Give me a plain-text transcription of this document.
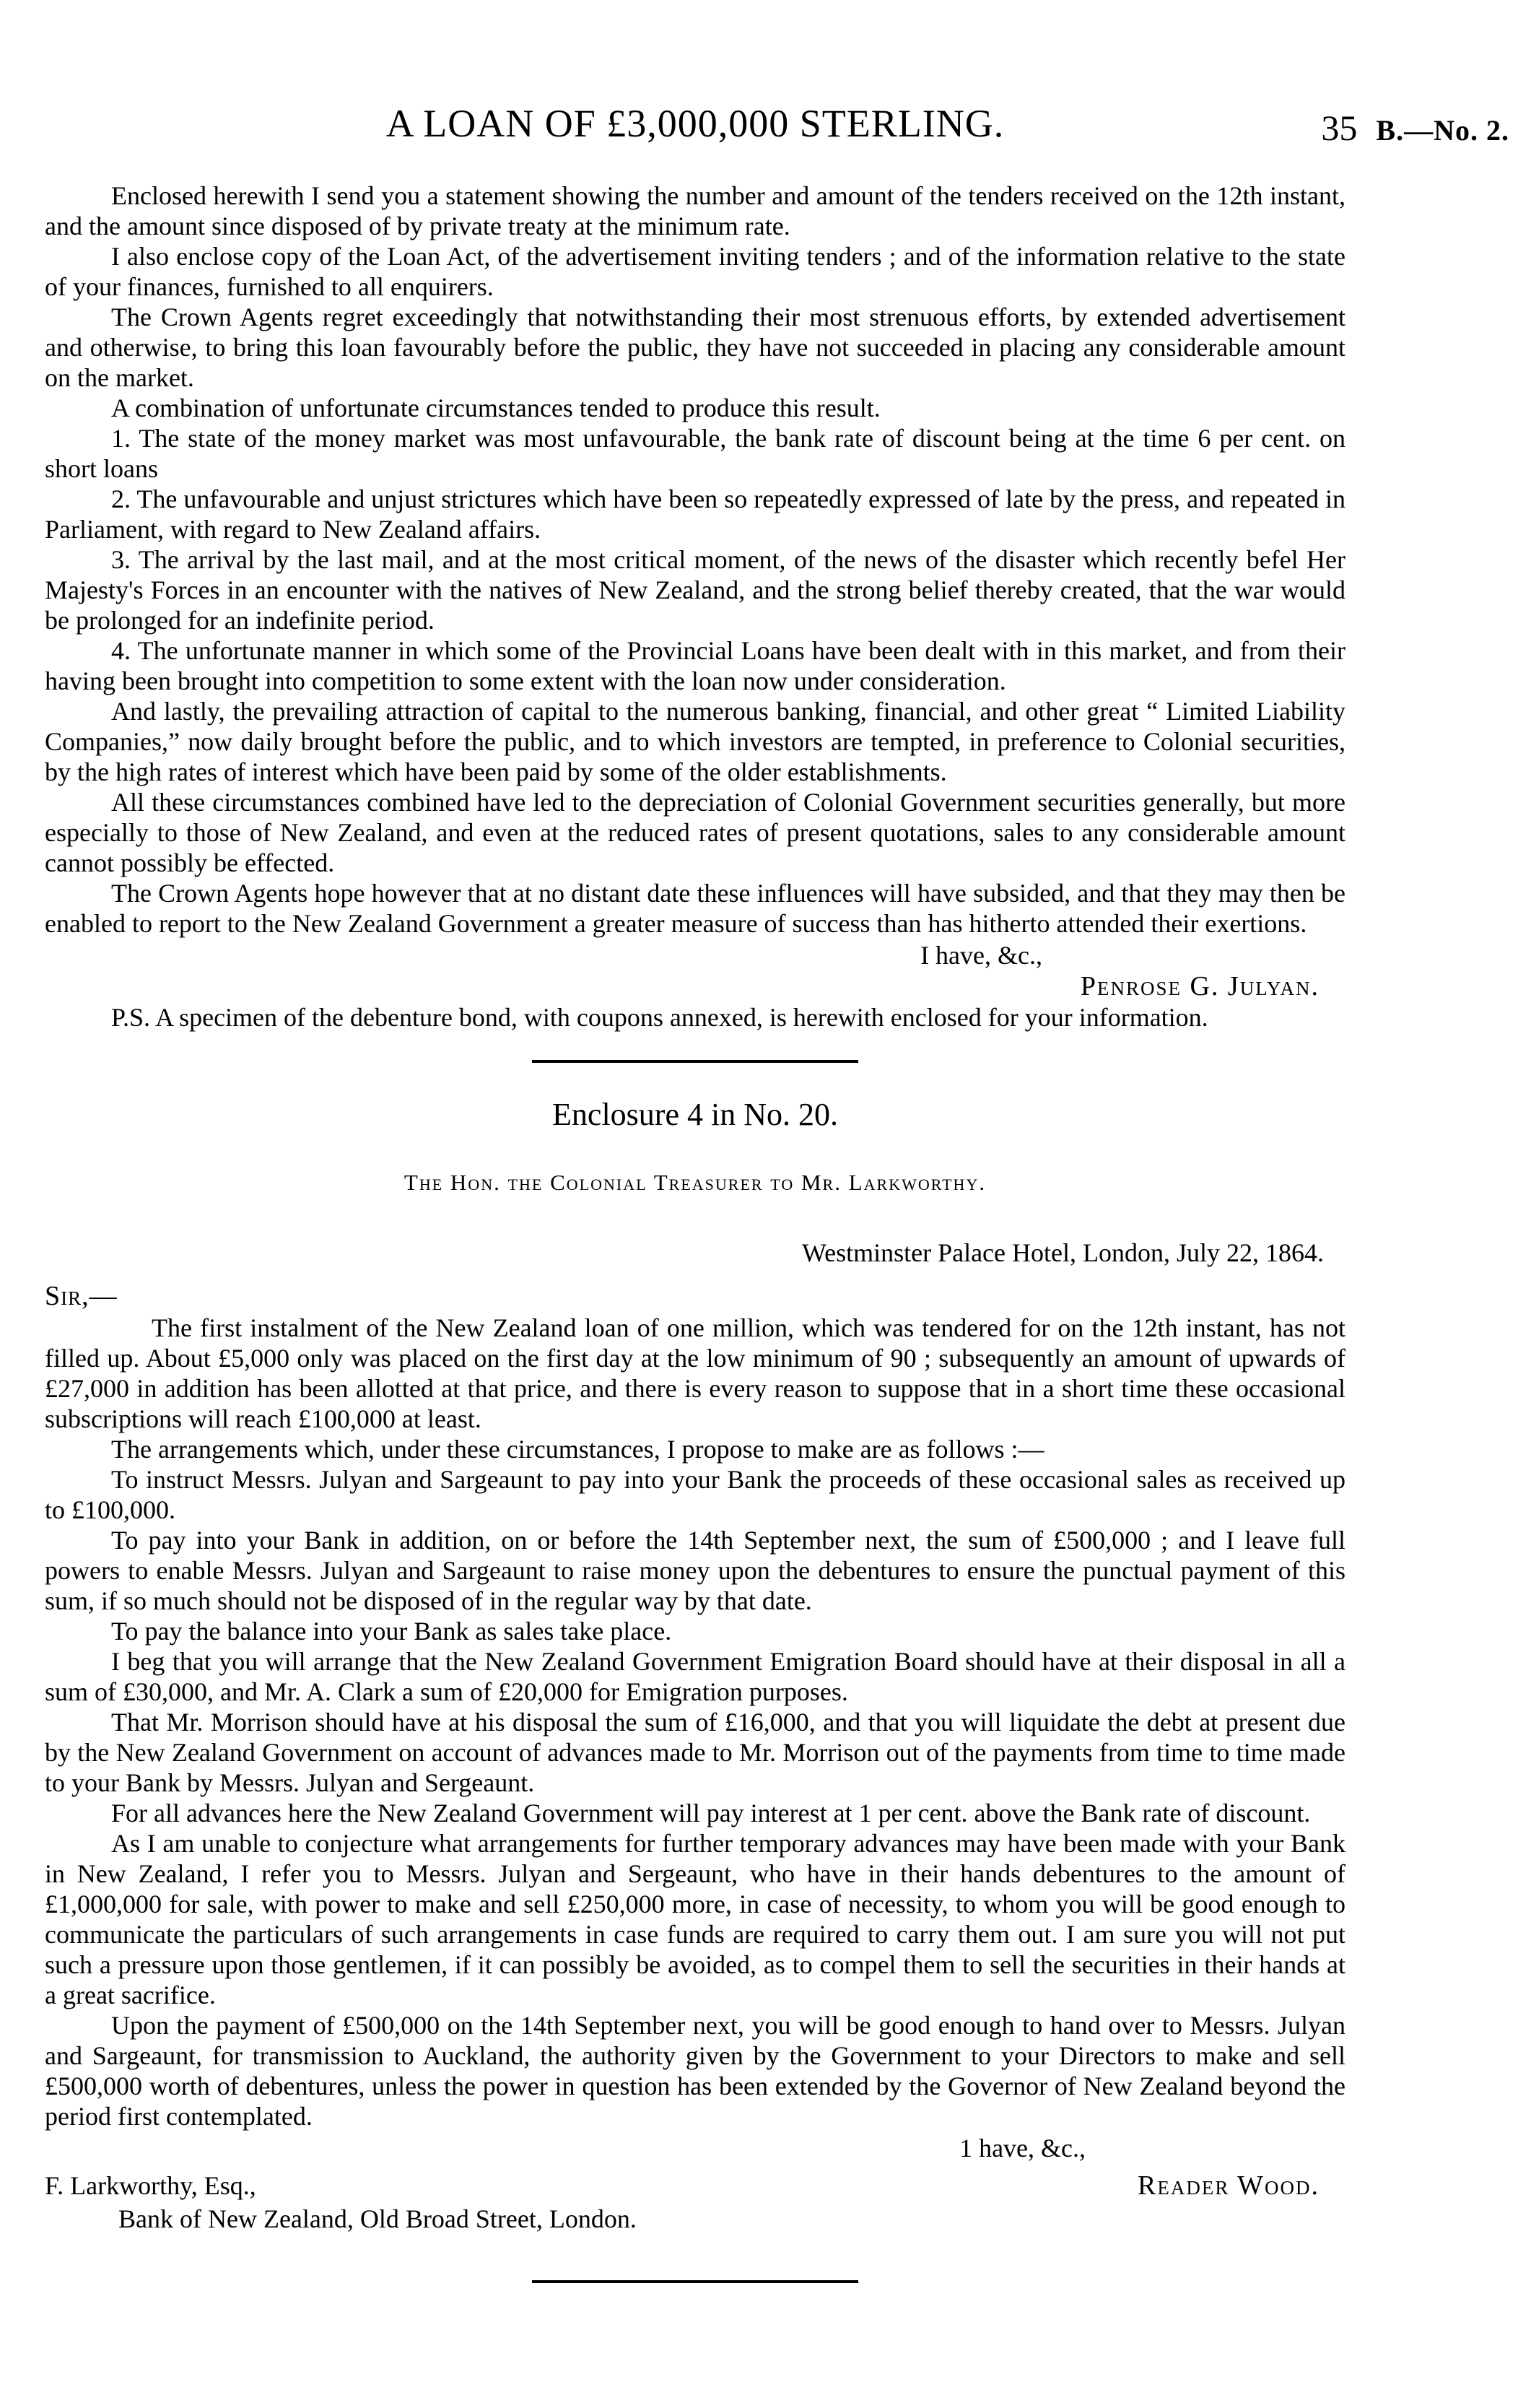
35 B.—No. 2.
A LOAN OF £3,000,000 STERLING.

Enclosed herewith I send you a statement showing the number and amount of the tenders received on the 12th instant, and the amount since disposed of by private treaty at the minimum rate.

I also enclose copy of the Loan Act, of the advertisement inviting tenders ; and of the information relative to the state of your finances, furnished to all enquirers.

The Crown Agents regret exceedingly that notwithstanding their most strenuous efforts, by extended advertisement and otherwise, to bring this loan favourably before the public, they have not succeeded in placing any considerable amount on the market.

A combination of unfortunate circumstances tended to produce this result.

1. The state of the money market was most unfavourable, the bank rate of discount being at the time 6 per cent. on short loans

2. The unfavourable and unjust strictures which have been so repeatedly expressed of late by the press, and repeated in Parliament, with regard to New Zealand affairs.

3. The arrival by the last mail, and at the most critical moment, of the news of the disaster which recently befel Her Majesty's Forces in an encounter with the natives of New Zealand, and the strong belief thereby created, that the war would be prolonged for an indefinite period.

4. The unfortunate manner in which some of the Provincial Loans have been dealt with in this market, and from their having been brought into competition to some extent with the loan now under consideration.

And lastly, the prevailing attraction of capital to the numerous banking, financial, and other great “ Limited Liability Companies,” now daily brought before the public, and to which investors are tempted, in preference to Colonial securities, by the high rates of interest which have been paid by some of the older establishments.

All these circumstances combined have led to the depreciation of Colonial Government securities generally, but more especially to those of New Zealand, and even at the reduced rates of present quotations, sales to any considerable amount cannot possibly be effected.

The Crown Agents hope however that at no distant date these influences will have subsided, and that they may then be enabled to report to the New Zealand Government a greater measure of success than has hitherto attended their exertions.

I have, &c.,
Penrose G. Julyan.

P.S. A specimen of the debenture bond, with coupons annexed, is herewith enclosed for your information.

Enclosure 4 in No. 20.
The Hon. the Colonial Treasurer to Mr. Larkworthy.
Westminster Palace Hotel, London, July 22, 1864.
Sir,—

The first instalment of the New Zealand loan of one million, which was tendered for on the 12th instant, has not filled up. About £5,000 only was placed on the first day at the low minimum of 90 ; subsequently an amount of upwards of £27,000 in addition has been allotted at that price, and there is every reason to suppose that in a short time these occasional subscriptions will reach £100,000 at least.

The arrangements which, under these circumstances, I propose to make are as follows :—

To instruct Messrs. Julyan and Sargeaunt to pay into your Bank the proceeds of these occasional sales as received up to £100,000.

To pay into your Bank in addition, on or before the 14th September next, the sum of £500,000 ; and I leave full powers to enable Messrs. Julyan and Sargeaunt to raise money upon the debentures to ensure the punctual payment of this sum, if so much should not be disposed of in the regular way by that date.

To pay the balance into your Bank as sales take place.

I beg that you will arrange that the New Zealand Government Emigration Board should have at their disposal in all a sum of £30,000, and Mr. A. Clark a sum of £20,000 for Emigration purposes.

That Mr. Morrison should have at his disposal the sum of £16,000, and that you will liquidate the debt at present due by the New Zealand Government on account of advances made to Mr. Morrison out of the payments from time to time made to your Bank by Messrs. Julyan and Sergeaunt.

For all advances here the New Zealand Government will pay interest at 1 per cent. above the Bank rate of discount.

As I am unable to conjecture what arrangements for further temporary advances may have been made with your Bank in New Zealand, I refer you to Messrs. Julyan and Sergeaunt, who have in their hands debentures to the amount of £1,000,000 for sale, with power to make and sell £250,000 more, in case of necessity, to whom you will be good enough to communicate the particulars of such arrangements in case funds are required to carry them out. I am sure you will not put such a pressure upon those gentlemen, if it can possibly be avoided, as to compel them to sell the securities in their hands at a great sacrifice.

Upon the payment of £500,000 on the 14th September next, you will be good enough to hand over to Messrs. Julyan and Sargeaunt, for transmission to Auckland, the authority given by the Government to your Directors to make and sell £500,000 worth of debentures, unless the power in question has been extended by the Governor of New Zealand beyond the period first contemplated.

1 have, &c.,
F. Larkworthy, Esq.,	Reader Wood.
Bank of New Zealand, Old Broad Street, London.
